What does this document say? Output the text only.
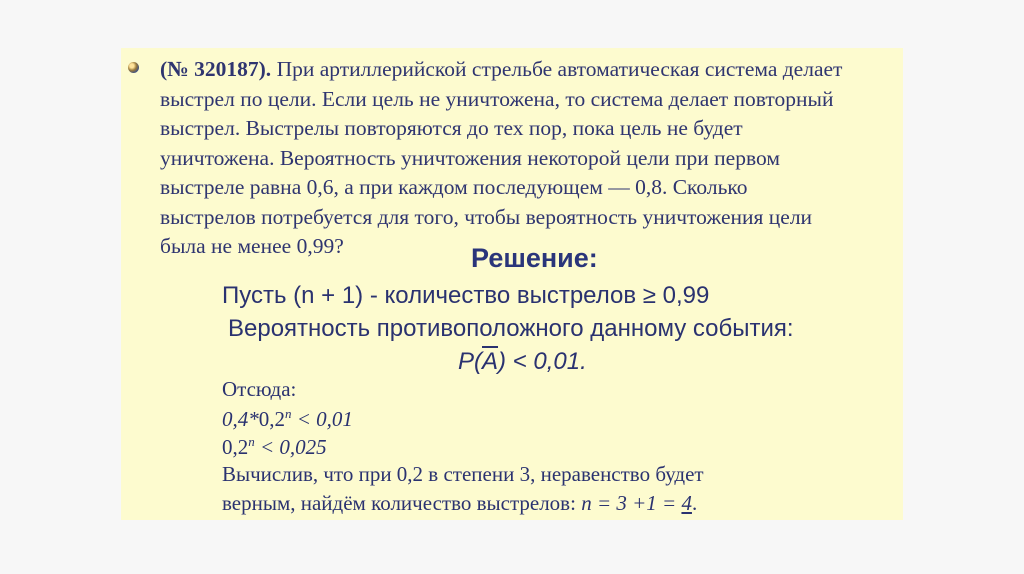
(№ 320187). При артиллерийской стрельбе автоматическая система делает
выстрел по цели. Если цель не уничтожена, то система делает повторный
выстрел. Выстрелы повторяются до тех пор, пока цель не будет
уничтожена. Вероятность уничтожения некоторой цели при первом
выстреле равна 0,6, а при каждом последующем — 0,8. Сколько
выстрелов потребуется для того, чтобы вероятность уничтожения цели
была не менее 0,99?	Решение:
Пусть (n + 1) - количество выстрелов ≥ 0,99
Вероятность противоположного данному события:
$P(\overline{A}) < 0,01$.
Отсюда:
$0,4*0,2^n < 0,01$
$0,2^n < 0,025$
Вычислив, что при 0,2 в степени 3, неравенство будет
верным, найдём количество выстрелов: n = 3 +1 = 4.
